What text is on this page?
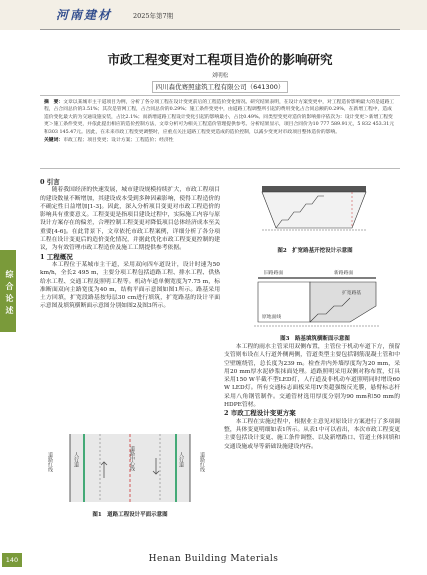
河南建材	2025年第7期
综合论述
市政工程变更对工程项目造价的影响研究
刘明松
四川森优赛照建筑工程有限公司（641300）
摘　要：文章以某城市主干道项目为例，分析了各分项工程在设计变更前后的工程造价变化情况。研究结果表明，在设计方案变更中，对工程造价影响最大的是道路工程，占合同总价的3.51%；其次是管网工程，占合同总价的0.29%；施工条件变更中，由道路工程调整所引起的费用变化占合同总额的0.29%，在新增工程中，造成造价变化最大的为交通设施安装，占比2.1%；而新增道路工程设计变化引起的影响最小，占比0.49%。同类型变更对造价的影响排序依次为：设计变更＞新增工程变更＞施工条件变更，并依此提出相应的造价控制方法，文章分析可为相关工程造价管理提供参考。分析结果显示，项目合同价为10 777 589.91元，5 832 453.31元和303 145.47元。因此，在未来市政工程变更调整时，应重点关注道路工程变更造成的造价控制，以减少变更对市政项目整体造价的影响。
关键词：市政工程；项目变更；设计方案；工程造价；经济性

0 引言

随着我国经济的快速发展，城市建设规模持续扩大，市政工程项目的建设数量不断增加，其建设成本受到多种因素影响，使得工程造价的不确定性日益增加[1-3]。因此，深入分析项目变更对市政工程造价的影响具有重要意义。工程变更是指项目建设过程中，实际施工内容与原设计方案存在的偏差，合理控制工程变更对降低项目总体经济成本至关重要[4-6]。在此背景下，文章依托市政工程案例，详细分析了各分项工程在设计变更后的造价变化情况，并据此优化市政工程变更控制的建议，为有效管理市政工程造价及施工工期提供参考依据。

1 工程概况

本工程位于某城市主干道，采用双向四车道设计，设计时速为50 km/h，全长2 495 m，主要分项工程包括道路工程、排水工程、供热给水工程、交通工程及照明工程等。机动车道单侧宽度为7.75 m，标准断面双向主路宽度为40 m，结构平面示意图如图1所示。路基采用土方回填，扩宽段路基按每层30 cm进行填筑，扩宽路基的设计平面示意图及填筑横断面示意图分别如图2及图3所示。

道路红线	人行道	道路中心线	人行道	道路红线
图1　道路工程设计平面示意图
图2　扩宽路基开挖设计示意图
旧路路面	新路路面
原地面线
扩宽路基
图3　路基填筑横断面示意图

本工程的雨水主管采用双侧布置，主管位于机动车道下方，预留支管则布设在人行道外侧两侧，管道类型主要包括钢筋混凝土管和中空壁缠绕管，总长度为239 m。检查井内外墙厚度均为20 mm，采用20 mm厚水泥砂浆抹面处理。道路照明采用双侧对称布置，灯具采用150 W半截不型LED灯，人行道及非机动车道照明同时增设60 W LED灯。所有交通标志面板采用IV类超强级反光膜，悬臂标志杆采用八角钢管制作。交通管材选用厚度分别为90 mm和50 mm的HDPE管材。

2 市政工程设计变更方案

本工程在实施过程中，根据业主意见对原设计方案进行了多项调整，具体变更明细如表1所示。从表1中可以看出，本次市政工程变更主要包括设计变更、施工条件调整、以及新增路口、管道土体回填和交通设施或导等新础设施建设内容。

140	Henan Building Materials
